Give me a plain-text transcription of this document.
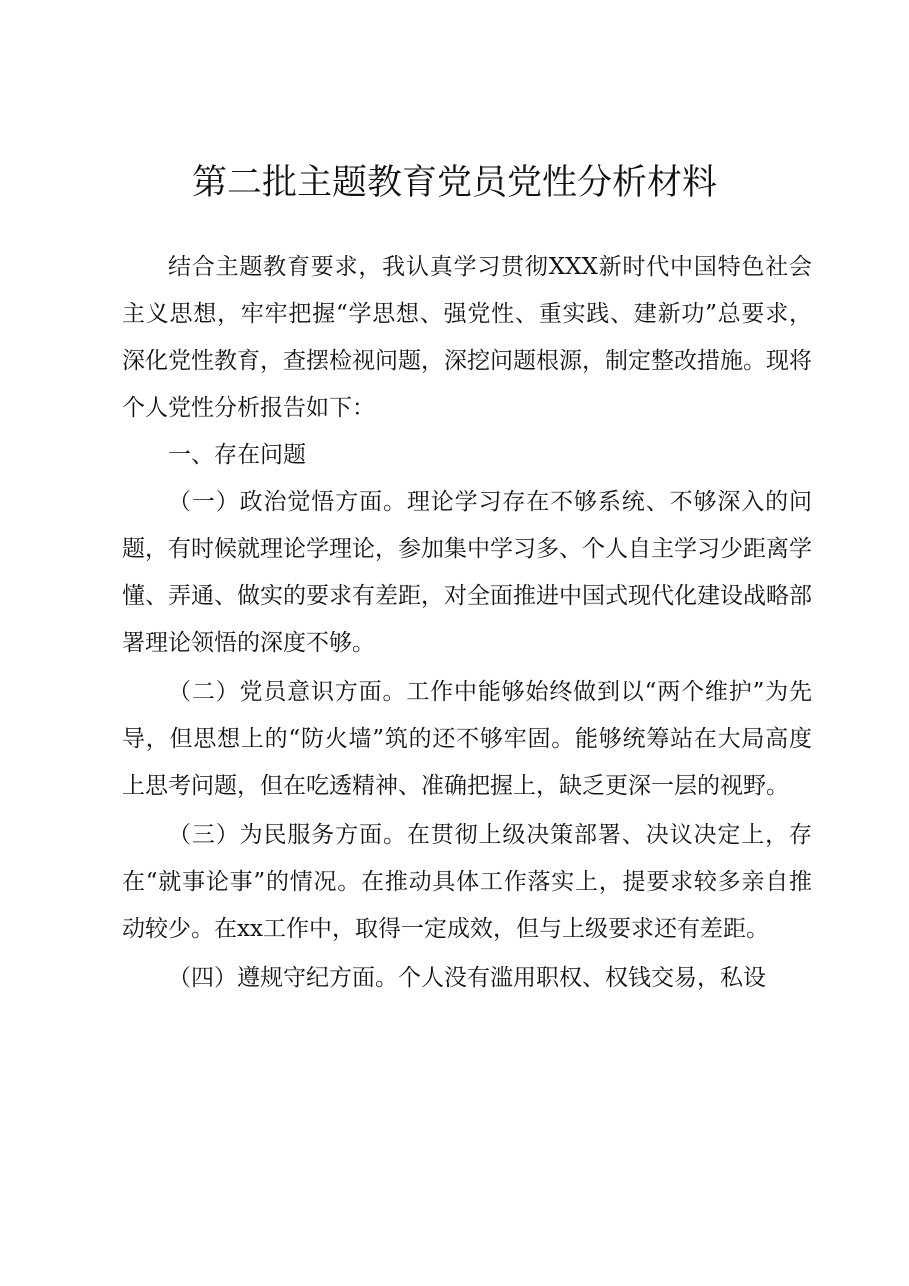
第二批主题教育党员党性分析材料

结合主题教育要求，我认真学习贯彻XXX新时代中国特色社会主义思想，牢牢把握“学思想、强党性、重实践、建新功”总要求，深化党性教育，查摆检视问题，深挖问题根源，制定整改措施。现将个人党性分析报告如下：

一、存在问题

（一）政治觉悟方面。理论学习存在不够系统、不够深入的问题，有时候就理论学理论，参加集中学习多、个人自主学习少距离学懂、弄通、做实的要求有差距，对全面推进中国式现代化建设战略部署理论领悟的深度不够。

（二）党员意识方面。工作中能够始终做到以“两个维护”为先导，但思想上的“防火墙”筑的还不够牢固。能够统筹站在大局高度上思考问题，但在吃透精神、准确把握上，缺乏更深一层的视野。

（三）为民服务方面。在贯彻上级决策部署、决议决定上，存在“就事论事”的情况。在推动具体工作落实上，提要求较多亲自推动较少。在xx工作中，取得一定成效，但与上级要求还有差距。

（四）遵规守纪方面。个人没有滥用职权、权钱交易，私设
